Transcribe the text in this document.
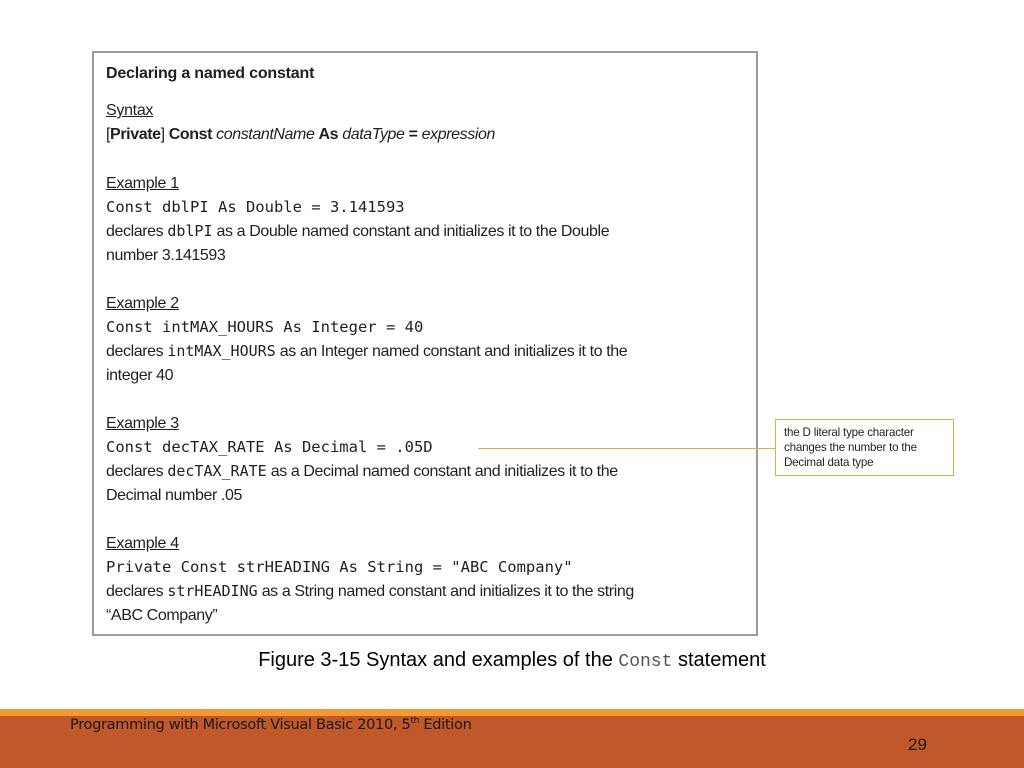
Declaring a named constant

Syntax

[Private] Const constantName As dataType = expression

Example 1

Const dblPI As Double = 3.141593

declares dblPI as a Double named constant and initializes it to the Double

number 3.141593

Example 2

Const intMAX_HOURS As Integer = 40

declares intMAX_HOURS as an Integer named constant and initializes it to the

integer 40

Example 3

Const decTAX_RATE As Decimal = .05D

declares decTAX_RATE as a Decimal named constant and initializes it to the

Decimal number .05

Example 4

Private Const strHEADING As String = "ABC Company"

declares strHEADING as a String named constant and initializes it to the string

“ABC Company”

the D literal type character changes the number to the Decimal data type

Figure 3-15 Syntax and examples of the Const statement

Programming with Microsoft Visual Basic 2010, 5th Edition

29
